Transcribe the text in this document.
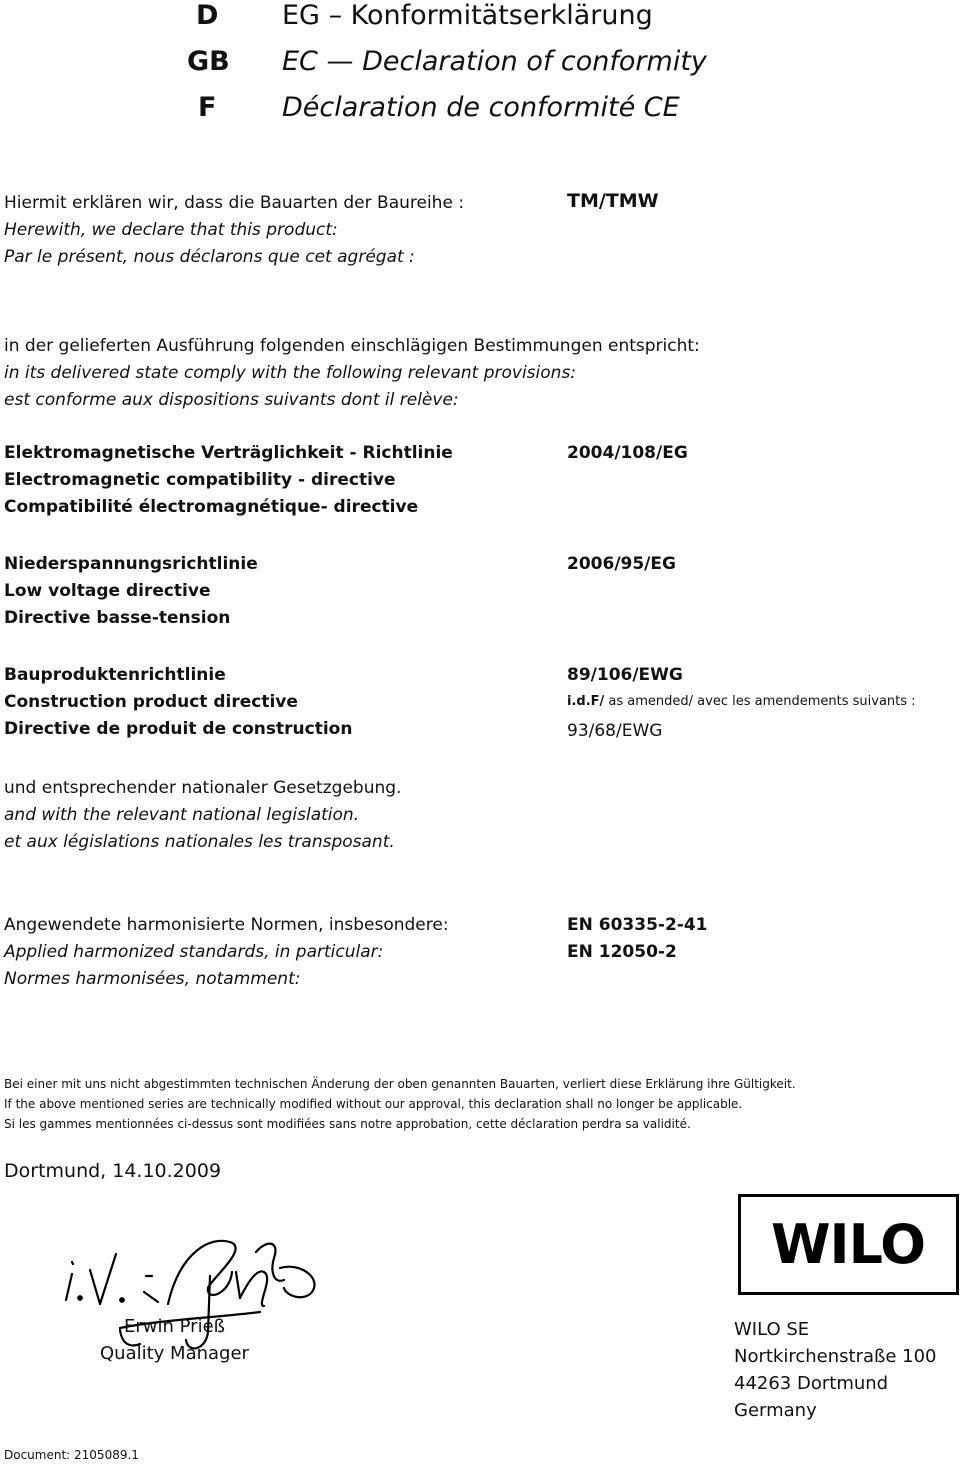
D EG – Konformitätserklärung
GB EC — Declaration of conformity
F Déclaration de conformité CE
Hiermit erklären wir, dass die Bauarten der Baureihe :
Herewith, we declare that this product:
Par le présent, nous déclarons que cet agrégat :
TM/TMW
in der gelieferten Ausführung folgenden einschlägigen Bestimmungen entspricht:
in its delivered state comply with the following relevant provisions:
est conforme aux dispositions suivants dont il relève:
Elektromagnetische Verträglichkeit - Richtlinie
Electromagnetic compatibility - directive
Compatibilité électromagnétique- directive
2004/108/EG
Niederspannungsrichtlinie
Low voltage directive
Directive basse-tension
2006/95/EG
Bauproduktenrichtlinie
Construction product directive
Directive de produit de construction
89/106/EWG
i.d.F/ as amended/ avec les amendements suivants :
93/68/EWG
und entsprechender nationaler Gesetzgebung.
and with the relevant national legislation.
et aux législations nationales les transposant.
Angewendete harmonisierte Normen, insbesondere:
Applied harmonized standards, in particular:
Normes harmonisées, notamment:
EN 60335-2-41
EN 12050-2
Bei einer mit uns nicht abgestimmten technischen Änderung der oben genannten Bauarten, verliert diese Erklärung ihre Gültigkeit.
If the above mentioned series are technically modified without our approval, this declaration shall no longer be applicable.
Si les gammes mentionnées ci-dessus sont modifiées sans notre approbation, cette déclaration perdra sa validité.
Dortmund, 14.10.2009
Erwin Prieß
Quality Manager
WILO
WILO SE
Nortkirchenstraße 100
44263 Dortmund
Germany
Document: 2105089.1
